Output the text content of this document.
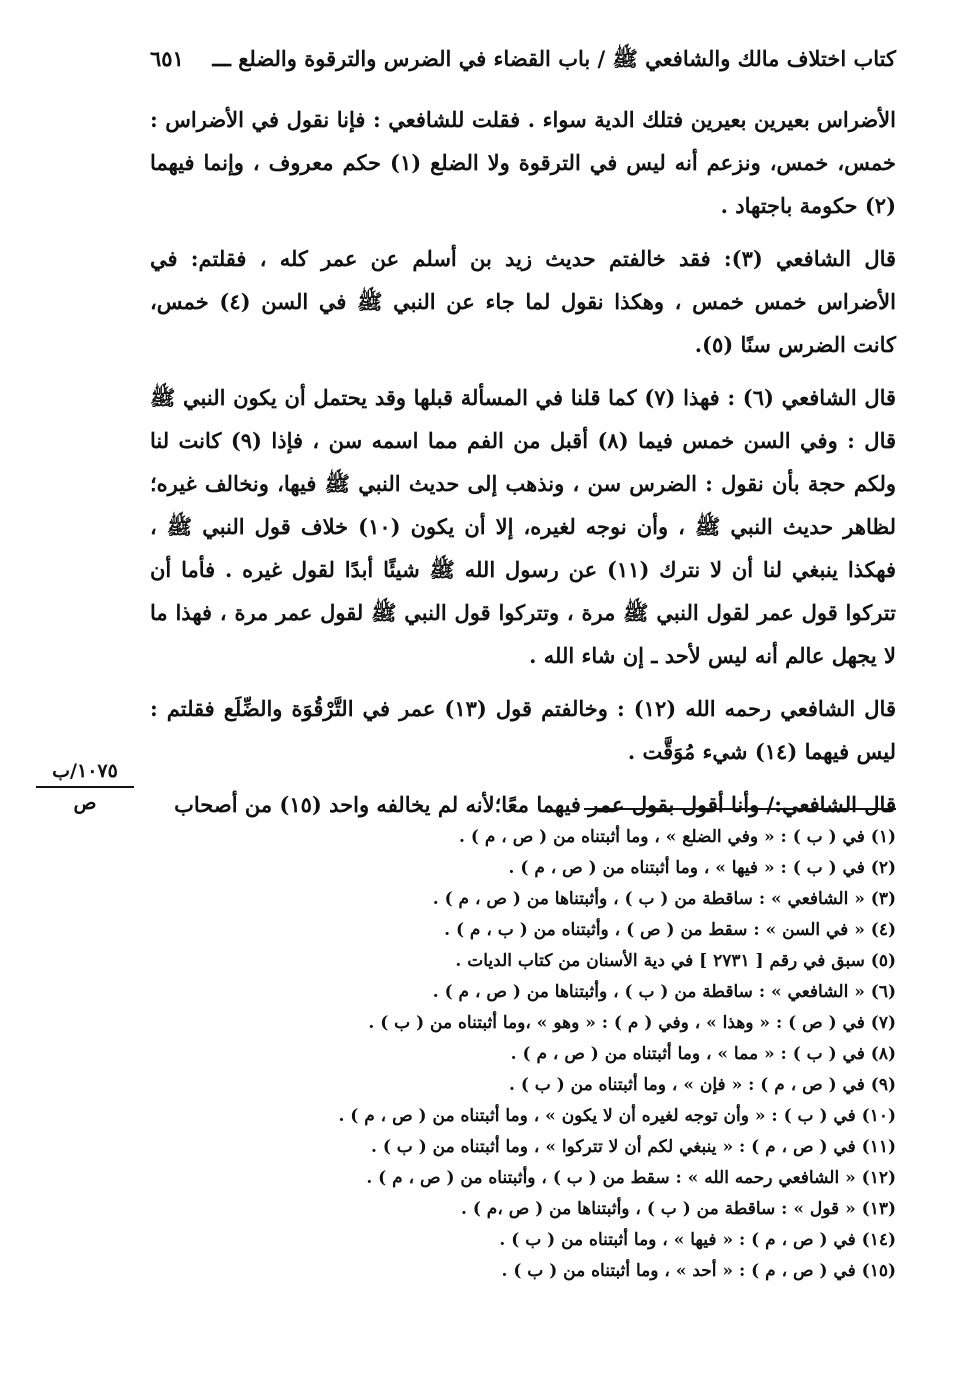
كتاب اختلاف مالك والشافعي ﷺ / باب القضاء في الضرس والترقوة والضلع ـــ
٦٥١

الأضراس بعيرين بعيرين فتلك الدية سواء . فقلت للشافعي : فإنا نقول في الأضراس : خمس، خمس، ونزعم أنه ليس في الترقوة ولا الضلع (١) حكم معروف ، وإنما فيهما (٢) حكومة باجتهاد .

قال الشافعي (٣): فقد خالفتم حديث زيد بن أسلم عن عمر كله ، فقلتم: في الأضراس خمس خمس ، وهكذا نقول لما جاء عن النبي ﷺ في السن (٤) خمس، كانت الضرس سنًا (٥).

قال الشافعي (٦) : فهذا (٧) كما قلنا في المسألة قبلها وقد يحتمل أن يكون النبي ﷺ قال : وفي السن خمس فيما (٨) أقبل من الفم مما اسمه سن ، فإذا (٩) كانت لنا ولكم حجة بأن نقول : الضرس سن ، ونذهب إلى حديث النبي ﷺ فيها، ونخالف غيره؛ لظاهر حديث النبي ﷺ ، وأن نوجه لغيره، إلا أن يكون (١٠) خلاف قول النبي ﷺ ، فهكذا ينبغي لنا أن لا نترك (١١) عن رسول الله ﷺ شيئًا أبدًا لقول غيره . فأما أن تتركوا قول عمر لقول النبي ﷺ مرة ، وتتركوا قول النبي ﷺ لقول عمر مرة ، فهذا ما لا يجهل عالم أنه ليس لأحد ـ إن شاء الله .

قال الشافعي رحمه الله (١٢) : وخالفتم قول (١٣) عمر في التَّرْقُوَة والضِّلَع فقلتم : ليس فيهما (١٤) شيء مُوَقَّت .

قال الشافعي:/ وأنا أقول بقول عمر فيهما معًا؛لأنه لم يخالفه واحد (١٥) من أصحاب

١٠٧٥/ب
ص
(١) في ( ب ) : « وفي الضلع » ، وما أثبتناه من ( ص ، م ) .
(٢) في ( ب ) : « فيها » ، وما أثبتناه من ( ص ، م ) .
(٣) « الشافعي » : ساقطة من ( ب ) ، وأثبتناها من ( ص ، م ) .
(٤) « في السن » : سقط من ( ص ) ، وأثبتناه من ( ب ، م ) .
(٥) سبق في رقم [ ٢٧٣١ ] في دية الأسنان من كتاب الديات .
(٦) « الشافعي » : ساقطة من ( ب ) ، وأثبتناها من ( ص ، م ) .
(٧) في ( ص ) : « وهذا » ، وفي ( م ) : « وهو » ،وما أثبتناه من ( ب ) .
(٨) في ( ب ) : « مما » ، وما أثبتناه من ( ص ، م ) .
(٩) في ( ص ، م ) : « فإن » ، وما أثبتناه من ( ب ) .
(١٠) في ( ب ) : « وأن توجه لغيره أن لا يكون » ، وما أثبتناه من ( ص ، م ) .
(١١) في ( ص ، م ) : « ينبغي لكم أن لا تتركوا » ، وما أثبتناه من ( ب ) .
(١٢) « الشافعي رحمه الله » : سقط من ( ب ) ، وأثبتناه من ( ص ، م ) .
(١٣) « قول » : ساقطة من ( ب ) ، وأثبتناها من ( ص ،م ) .
(١٤) في ( ص ، م ) : « فيها » ، وما أثبتناه من ( ب ) .
(١٥) في ( ص ، م ) : « أحد » ، وما أثبتناه من ( ب ) .
